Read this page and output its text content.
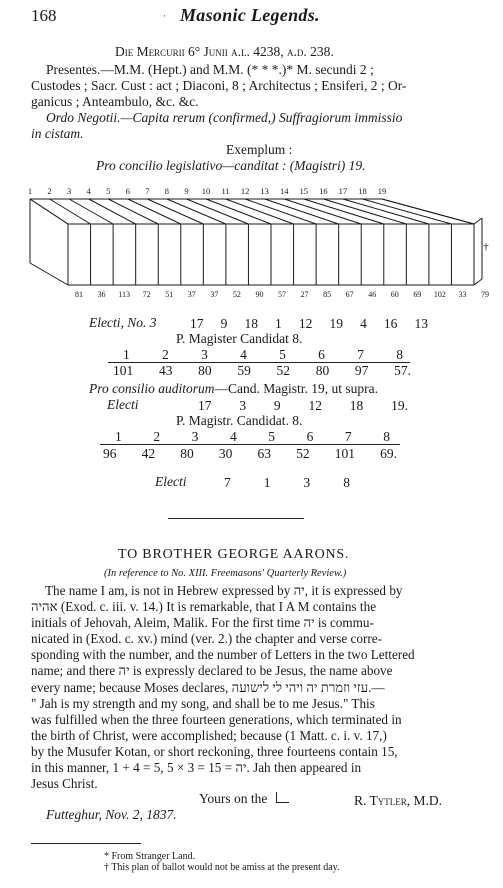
168	Masonic Legends.
·
Die Mercurii 6° Junii a.l. 4238, a.d. 238.
Presentes.—M.M. (Hept.) and M.M. (* * *.)* M. secundi 2 ;
Custodes ; Sacr. Cust : act ; Diaconi, 8 ; Architectus ; Ensiferi, 2 ; Or-
ganicus ; Anteambulo, &c. &c.
Ordo Negotii.—Capita rerum (confirmed,) Suffragiorum immissio
in cistam.
Exemplum :
Pro concilio legislativo—canditat : (Magistri) 19.
1 2 3 4 5 6 7 8 9 10 11 12 13 14 15 16 17 18 19
81 36 113 72 51 37 37 52 90 57 27 85 67 46 60 69 102 33 79
†
Electi, No. 3 17 9 18 1 12 19 4 16 13
P. Magister Candidat 8.
1 2 3 4 5 6 7 8
101 43 80 59 52 80 97 57.
Pro consilio auditorum—Cand. Magistr. 19, ut supra.
Electi	17 3 9 12 18 19.
P. Magistr. Candidat. 8.
1 2 3 4 5 6 7 8
96 42 80 30 63 52 101 69.
Electi	7 1 3 8
TO BROTHER GEORGE AARONS.
(In reference to No. XIII. Freemasons' Quarterly Review.)
The name I am, is not in Hebrew expressed by יה, it is expressed by
אהיה (Exod. c. iii. v. 14.) It is remarkable, that I A M contains the
initials of Jehovah, Aleim, Malik. For the first time יה is commu-
nicated in (Exod. c. xv.) mind (ver. 2.) the chapter and verse corre-
sponding with the number, and the number of Letters in the two Lettered
name; and there יה is expressly declared to be Jesus, the name above
every name; because Moses declares, עזי וזמרת יה ויהי לי לישועה.—
" Jah is my strength and my song, and shall be to me Jesus." This
was fulfilled when the three fourteen generations, which terminated in
the birth of Christ, were accomplished; because (1 Matt. c. i. v. 17,)
by the Musufer Kotan, or short reckoning, three fourteens contain 15,
in this manner, 1 + 4 = 5, 5 × 3 = 15 = יה. Jah then appeared in
Jesus Christ.
Yours on the	R. Tytler, M.D.
Futteghur, Nov. 2, 1837.
* From Stranger Land.
† This plan of ballot would not be amiss at the present day.
